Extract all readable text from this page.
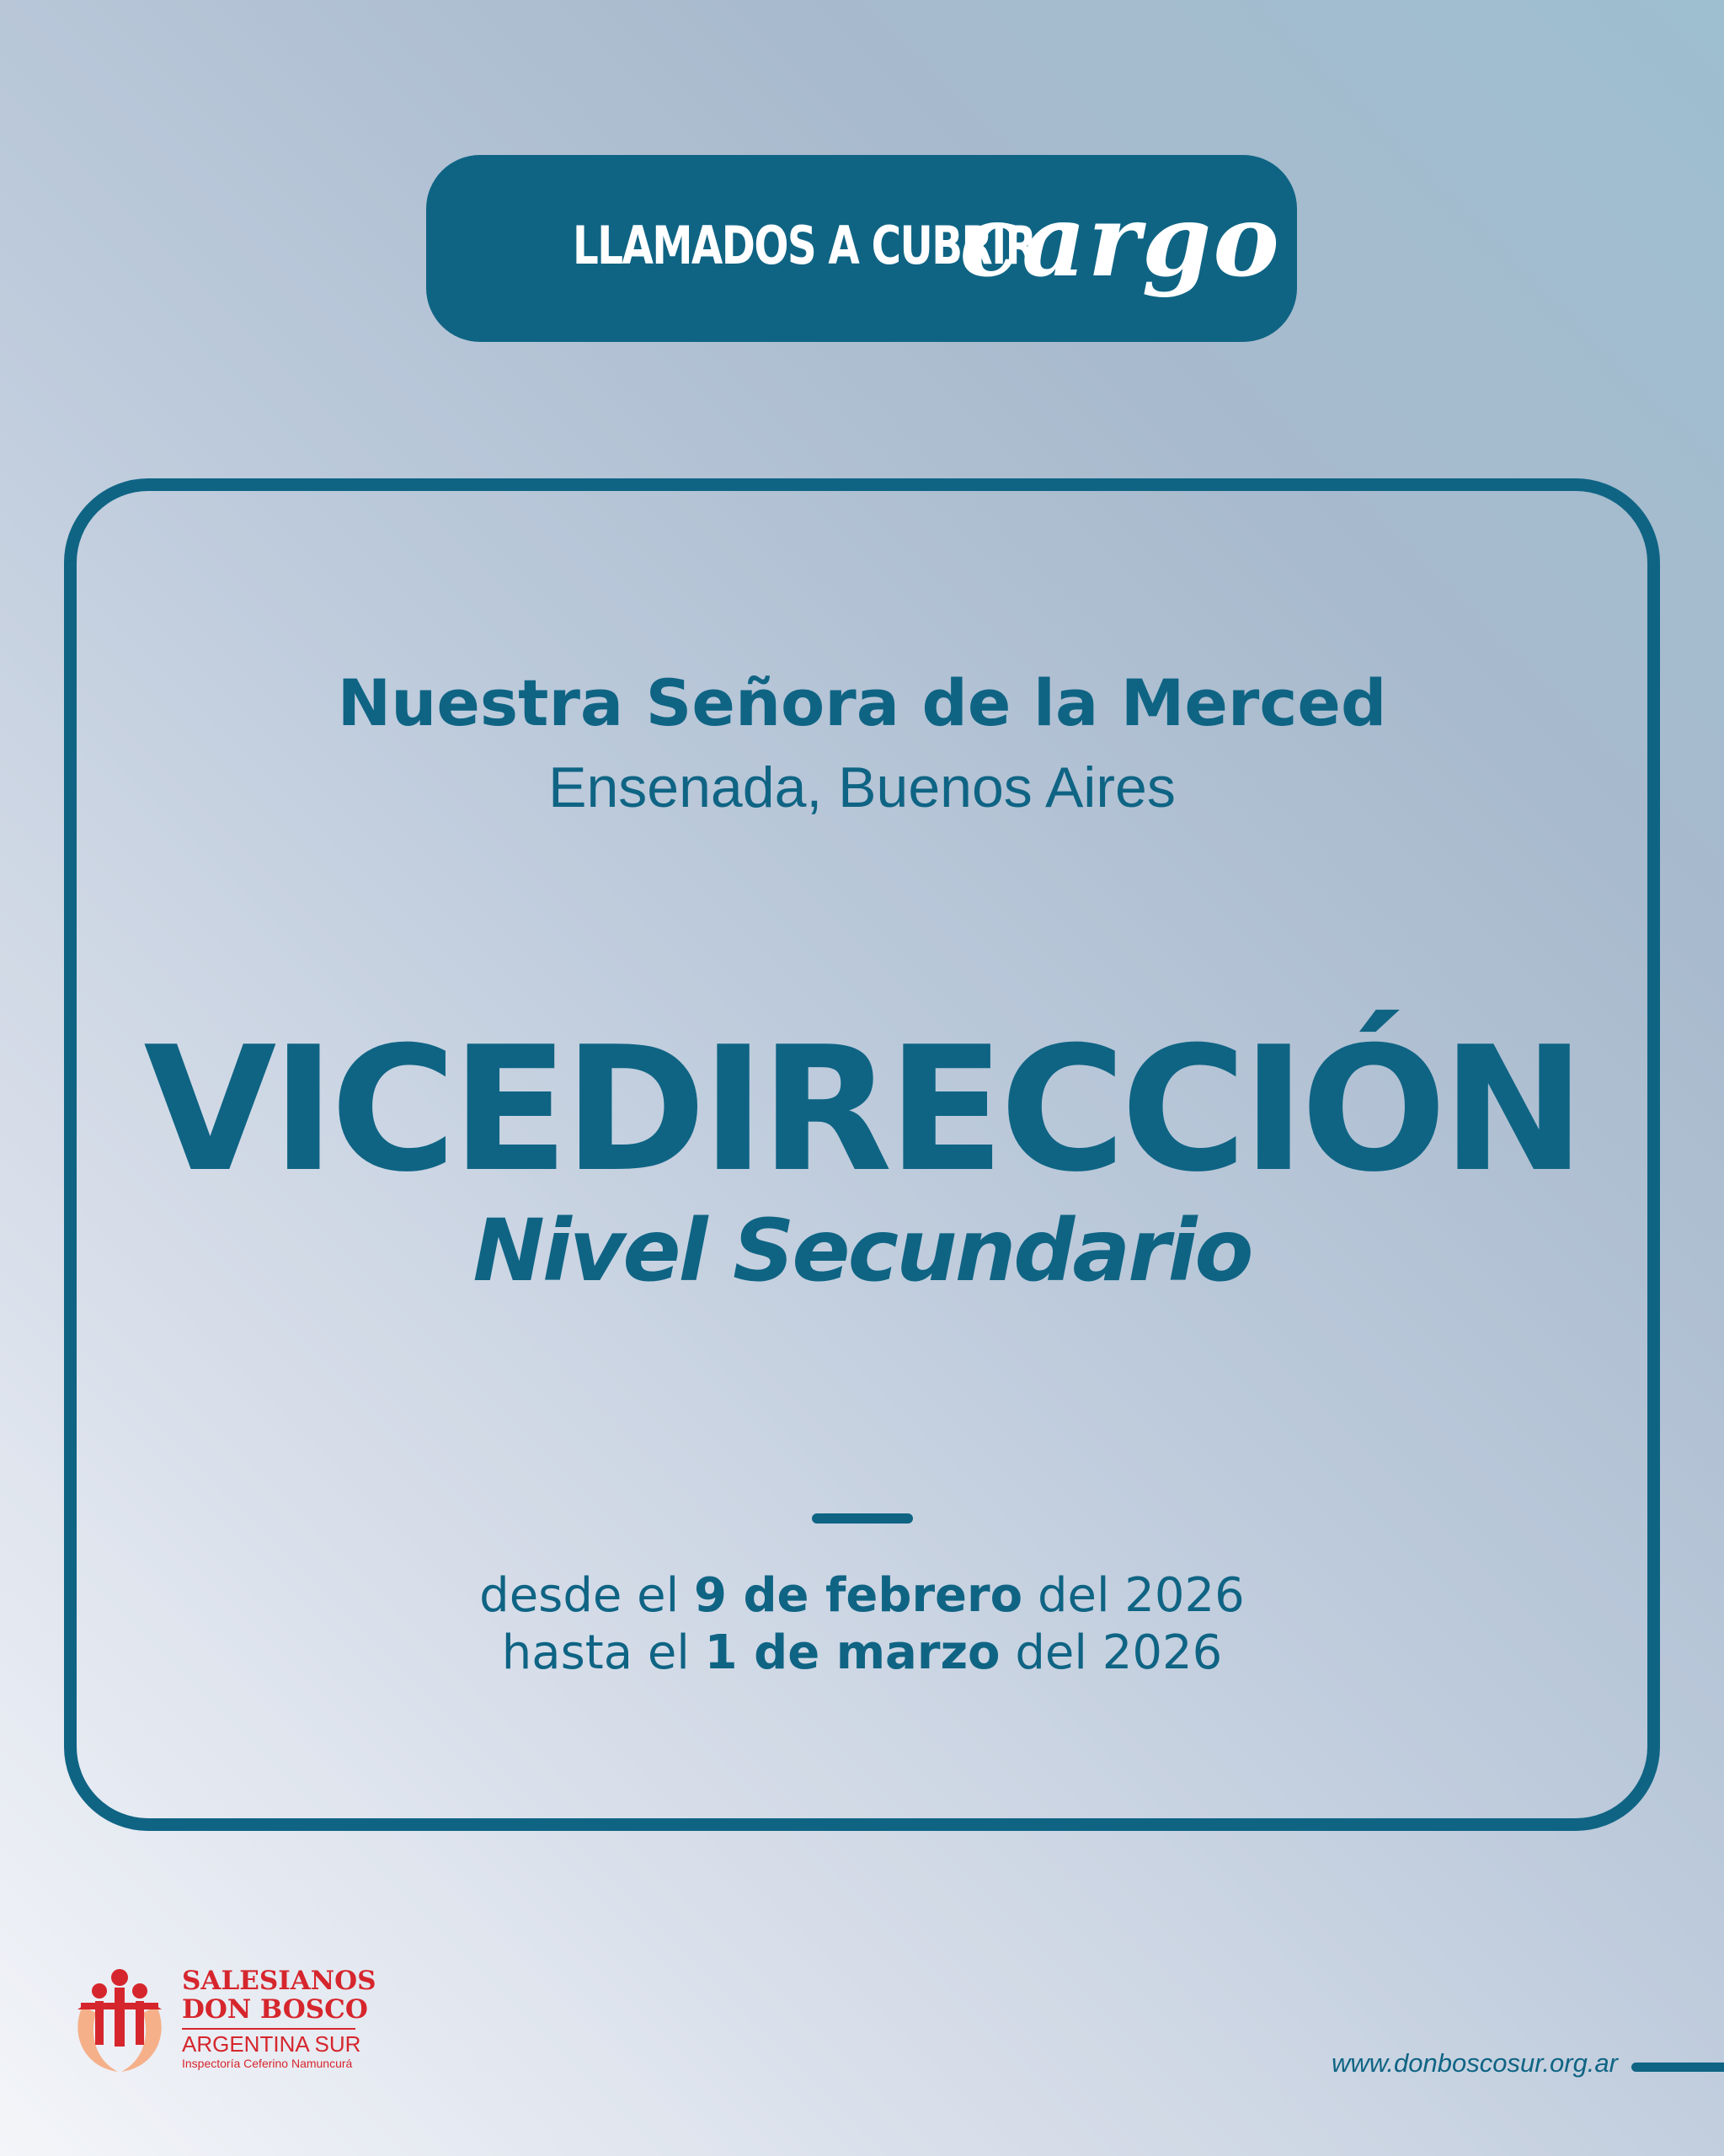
LLAMADOS A CUBRIR
cargo
Nuestra Señora de la Merced
Ensenada, Buenos Aires
VICEDIRECCIÓN
Nivel Secundario
desde el 9 de febrero del 2026
hasta el 1 de marzo del 2026
SALESIANOS
DON BOSCO
ARGENTINA SUR
Inspectoría Ceferino Namuncurá	www.donboscosur.org.ar
